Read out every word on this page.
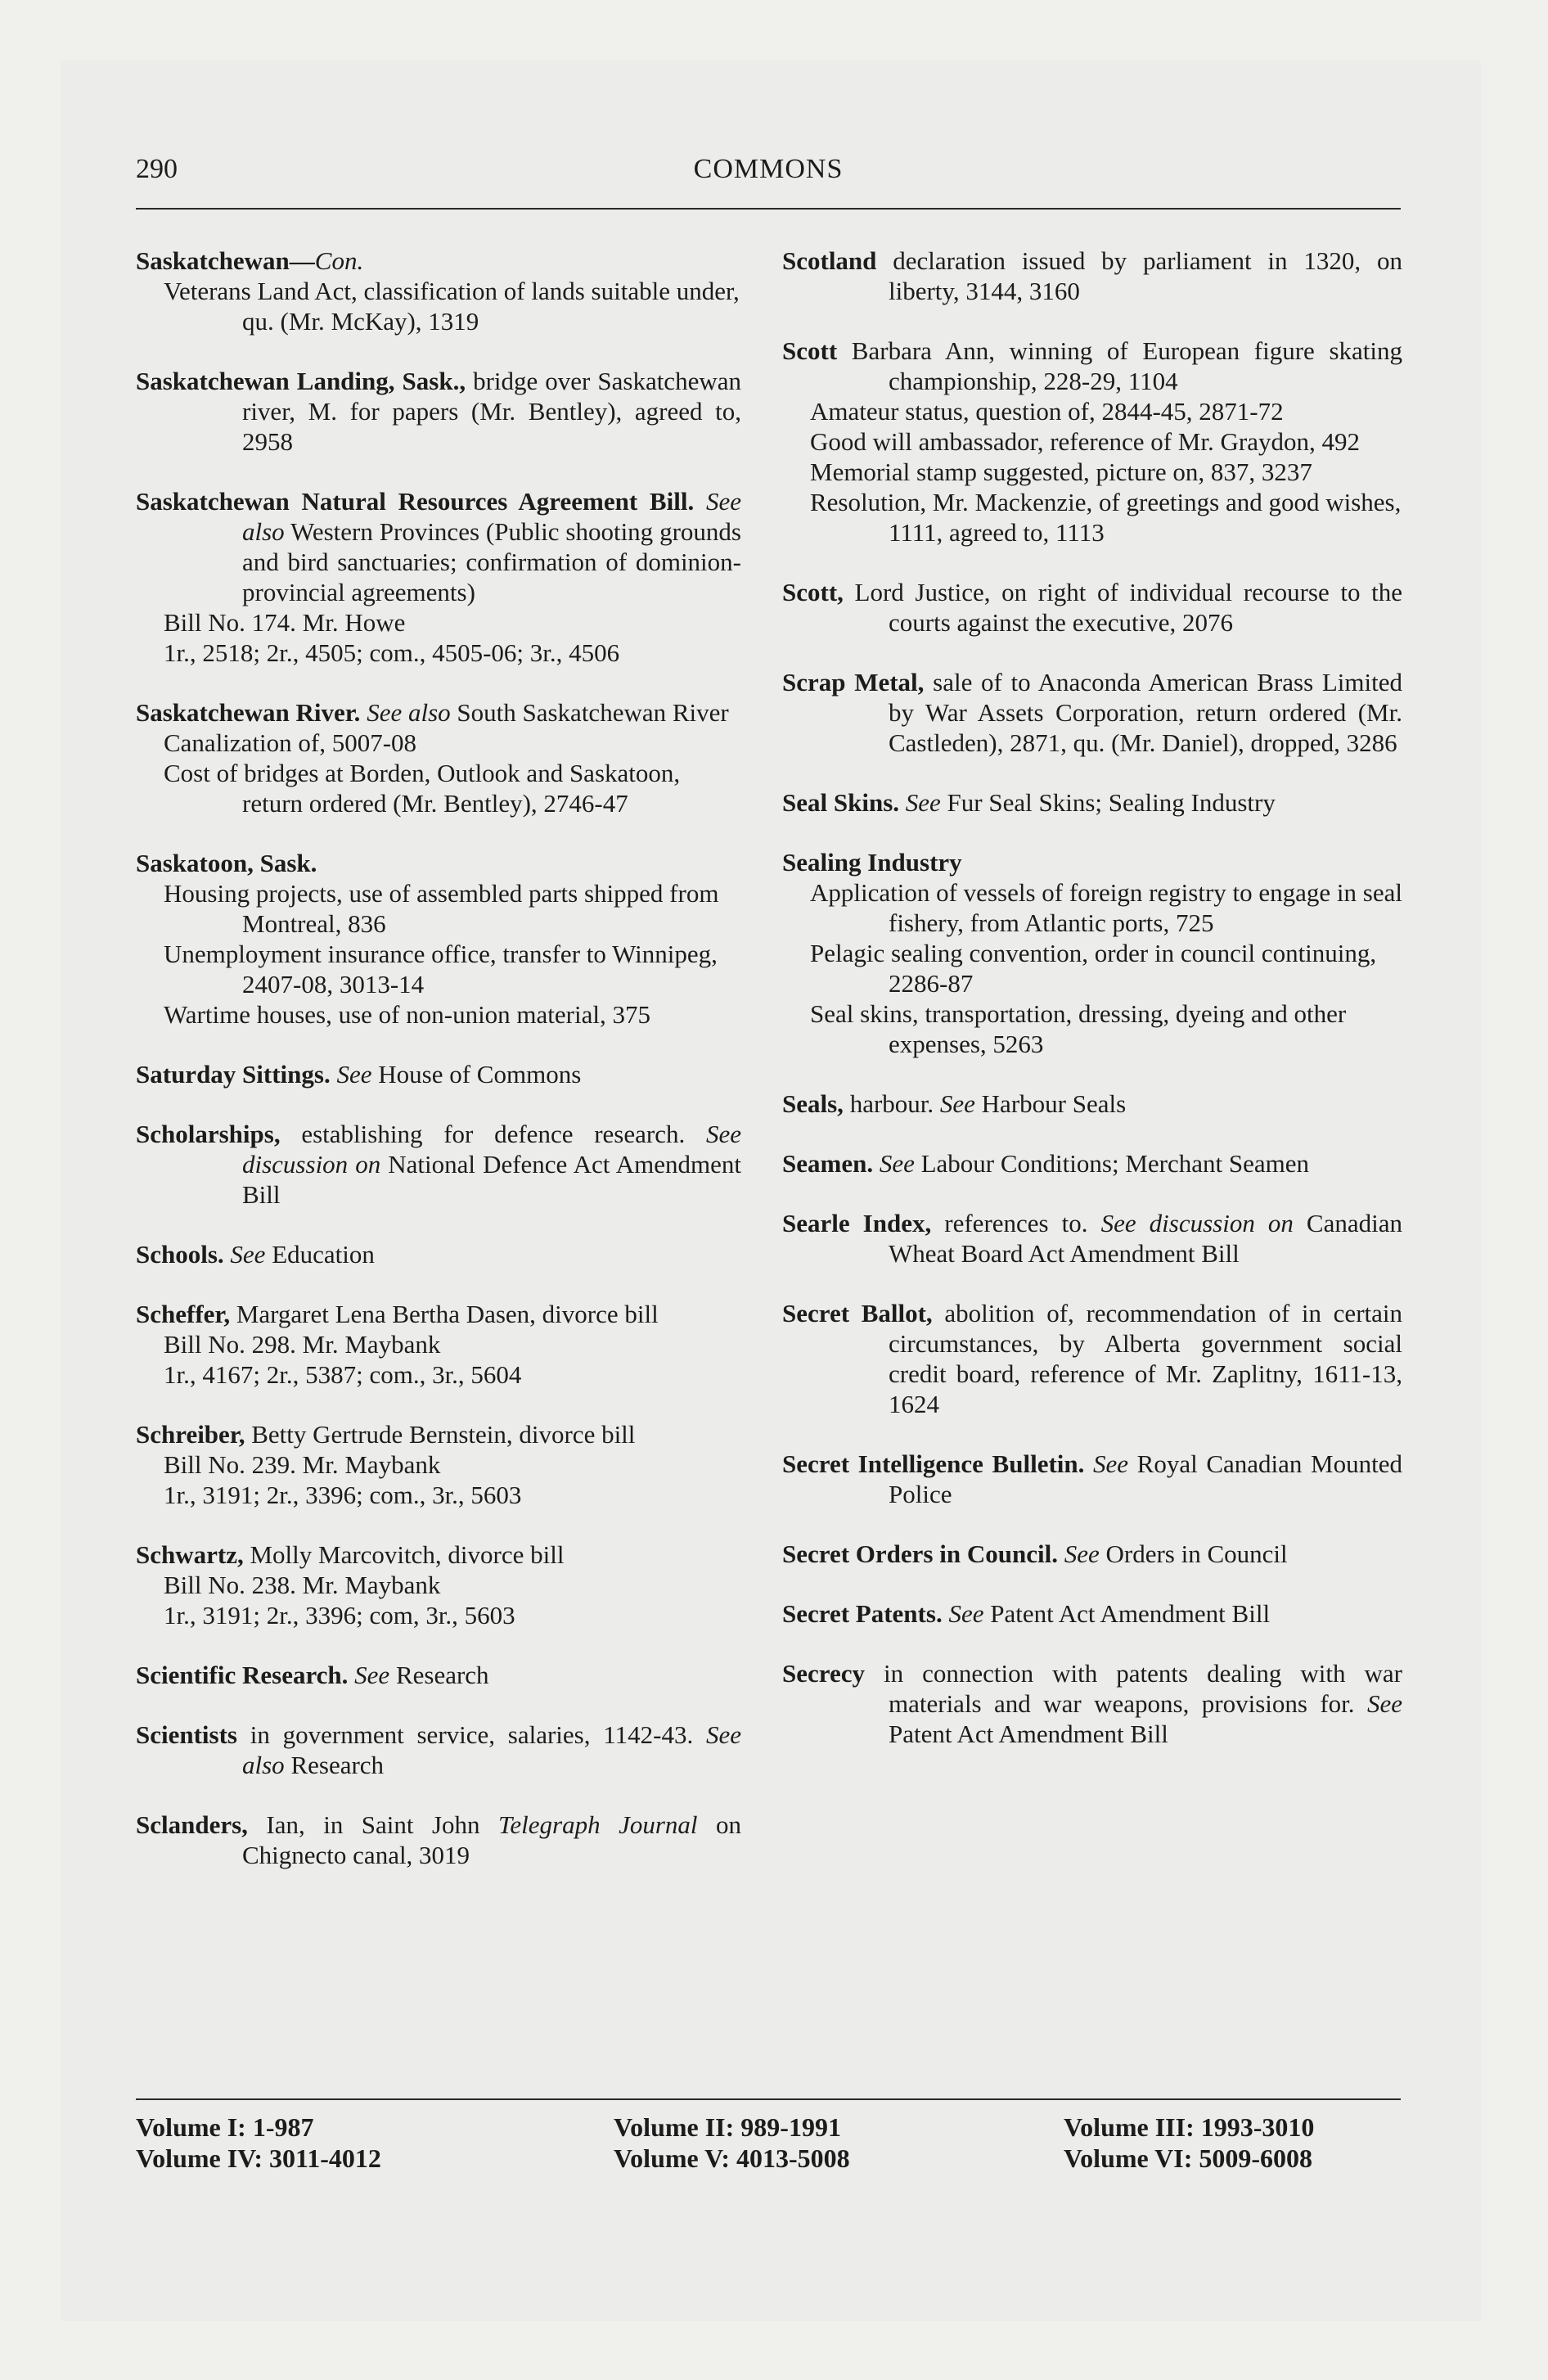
290	COMMONS
Saskatchewan—Con.
Veterans Land Act, classification of lands suitable under, qu. (Mr. McKay), 1319
Saskatchewan Landing, Sask., bridge over Saskatchewan river, M. for papers (Mr. Bentley), agreed to, 2958
Saskatchewan Natural Resources Agreement Bill. See also Western Provinces (Public shooting grounds and bird sanctuaries; confirmation of dominion-provincial agreements)
Bill No. 174. Mr. Howe
1r., 2518; 2r., 4505; com., 4505-06; 3r., 4506
Saskatchewan River. See also South Saskatchewan River
Canalization of, 5007-08
Cost of bridges at Borden, Outlook and Saskatoon, return ordered (Mr. Bentley), 2746-47
Saskatoon, Sask.
Housing projects, use of assembled parts shipped from Montreal, 836
Unemployment insurance office, transfer to Winnipeg, 2407-08, 3013-14
Wartime houses, use of non-union material, 375
Saturday Sittings. See House of Commons
Scholarships, establishing for defence research. See discussion on National Defence Act Amendment Bill
Schools. See Education
Scheffer, Margaret Lena Bertha Dasen, divorce bill
Bill No. 298. Mr. Maybank
1r., 4167; 2r., 5387; com., 3r., 5604
Schreiber, Betty Gertrude Bernstein, divorce bill
Bill No. 239. Mr. Maybank
1r., 3191; 2r., 3396; com., 3r., 5603
Schwartz, Molly Marcovitch, divorce bill
Bill No. 238. Mr. Maybank
1r., 3191; 2r., 3396; com, 3r., 5603
Scientific Research. See Research
Scientists in government service, salaries, 1142-43. See also Research
Sclanders, Ian, in Saint John Telegraph Journal on Chignecto canal, 3019
Scotland declaration issued by parliament in 1320, on liberty, 3144, 3160
Scott Barbara Ann, winning of European figure skating championship, 228-29, 1104
Amateur status, question of, 2844-45, 2871-72
Good will ambassador, reference of Mr. Graydon, 492
Memorial stamp suggested, picture on, 837, 3237
Resolution, Mr. Mackenzie, of greetings and good wishes, 1111, agreed to, 1113
Scott, Lord Justice, on right of individual recourse to the courts against the executive, 2076
Scrap Metal, sale of to Anaconda American Brass Limited by War Assets Corporation, return ordered (Mr. Castleden), 2871, qu. (Mr. Daniel), dropped, 3286
Seal Skins. See Fur Seal Skins; Sealing Industry
Sealing Industry
Application of vessels of foreign registry to engage in seal fishery, from Atlantic ports, 725
Pelagic sealing convention, order in council continuing, 2286-87
Seal skins, transportation, dressing, dyeing and other expenses, 5263
Seals, harbour. See Harbour Seals
Seamen. See Labour Conditions; Merchant Seamen
Searle Index, references to. See discussion on Canadian Wheat Board Act Amendment Bill
Secret Ballot, abolition of, recommendation of in certain circumstances, by Alberta government social credit board, reference of Mr. Zaplitny, 1611-13, 1624
Secret Intelligence Bulletin. See Royal Canadian Mounted Police
Secret Orders in Council. See Orders in Council
Secret Patents. See Patent Act Amendment Bill
Secrecy in connection with patents dealing with war materials and war weapons, provisions for. See Patent Act Amendment Bill
Volume I: 1-987	Volume II: 989-1991	Volume III: 1993-3010
Volume IV: 3011-4012	Volume V: 4013-5008	Volume VI: 5009-6008
